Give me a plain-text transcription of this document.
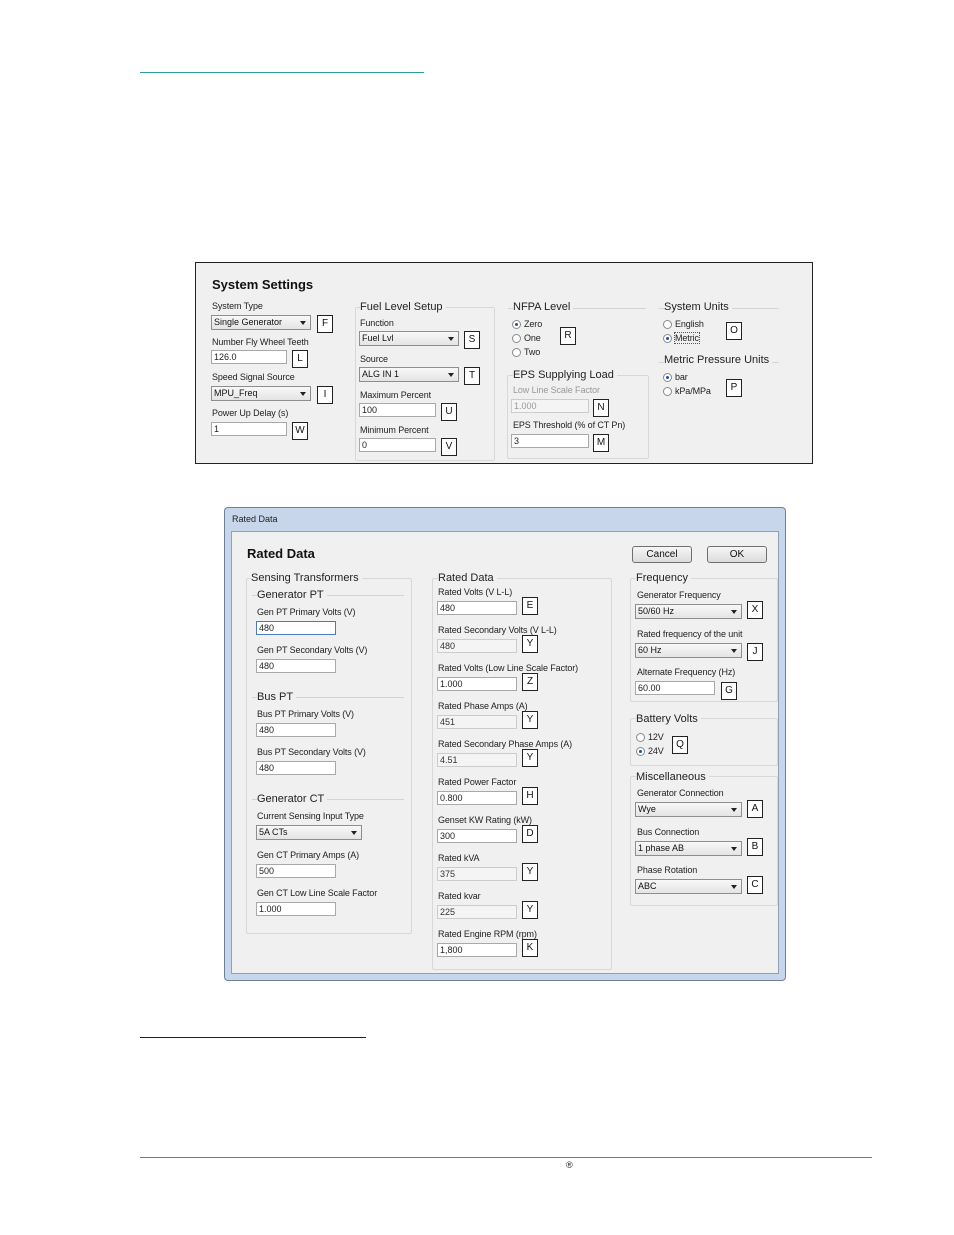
®
System Settings
System Type
Single Generator	F
Number Fly Wheel Teeth
126.0	L
Speed Signal Source
MPU_Freq	I
Power Up Delay (s)
1	W
Fuel Level Setup
Function
Fuel Lvl	S
Source
ALG IN 1	T
Maximum Percent
100	U
Minimum Percent
0	V
NFPA Level
Zero
One
Two
R
EPS Supplying Load
Low Line Scale Factor
1.000	N
EPS Threshold (% of CT Pn)
3	M
System Units
English
Metric
O
Metric Pressure Units
bar
kPa/MPa	P
Rated Data
Rated Data	Cancel	OK
Sensing Transformers
Generator PT
Gen PT Primary Volts (V)
480
Gen PT Secondary Volts (V)
480
Bus PT
Bus PT Primary Volts (V)
480
Bus PT Secondary Volts (V)
480
Generator CT
Current Sensing Input Type
5A CTs
Gen CT Primary Amps (A)
500
Gen CT Low Line Scale Factor
1.000
Rated Data
Rated Volts (V L-L)
480	E
Rated Secondary Volts (V L-L)
480	Y
Rated Volts (Low Line Scale Factor)
1.000	Z
Rated Phase Amps (A)
451	Y
Rated Secondary Phase Amps (A)
4.51	Y
Rated Power Factor
0.800	H
Genset KW Rating (kW)
300	D
Rated kVA
375	Y
Rated kvar
225	Y
Rated Engine RPM (rpm)
1,800	K
Frequency
Generator Frequency
50/60 Hz	X
Rated frequency of the unit
60 Hz	J
Alternate Frequency (Hz)
60.00	G
Battery Volts
12V
24V
Q
Miscellaneous
Generator Connection
Wye	A
Bus Connection
1 phase AB	B
Phase Rotation
ABC	C
